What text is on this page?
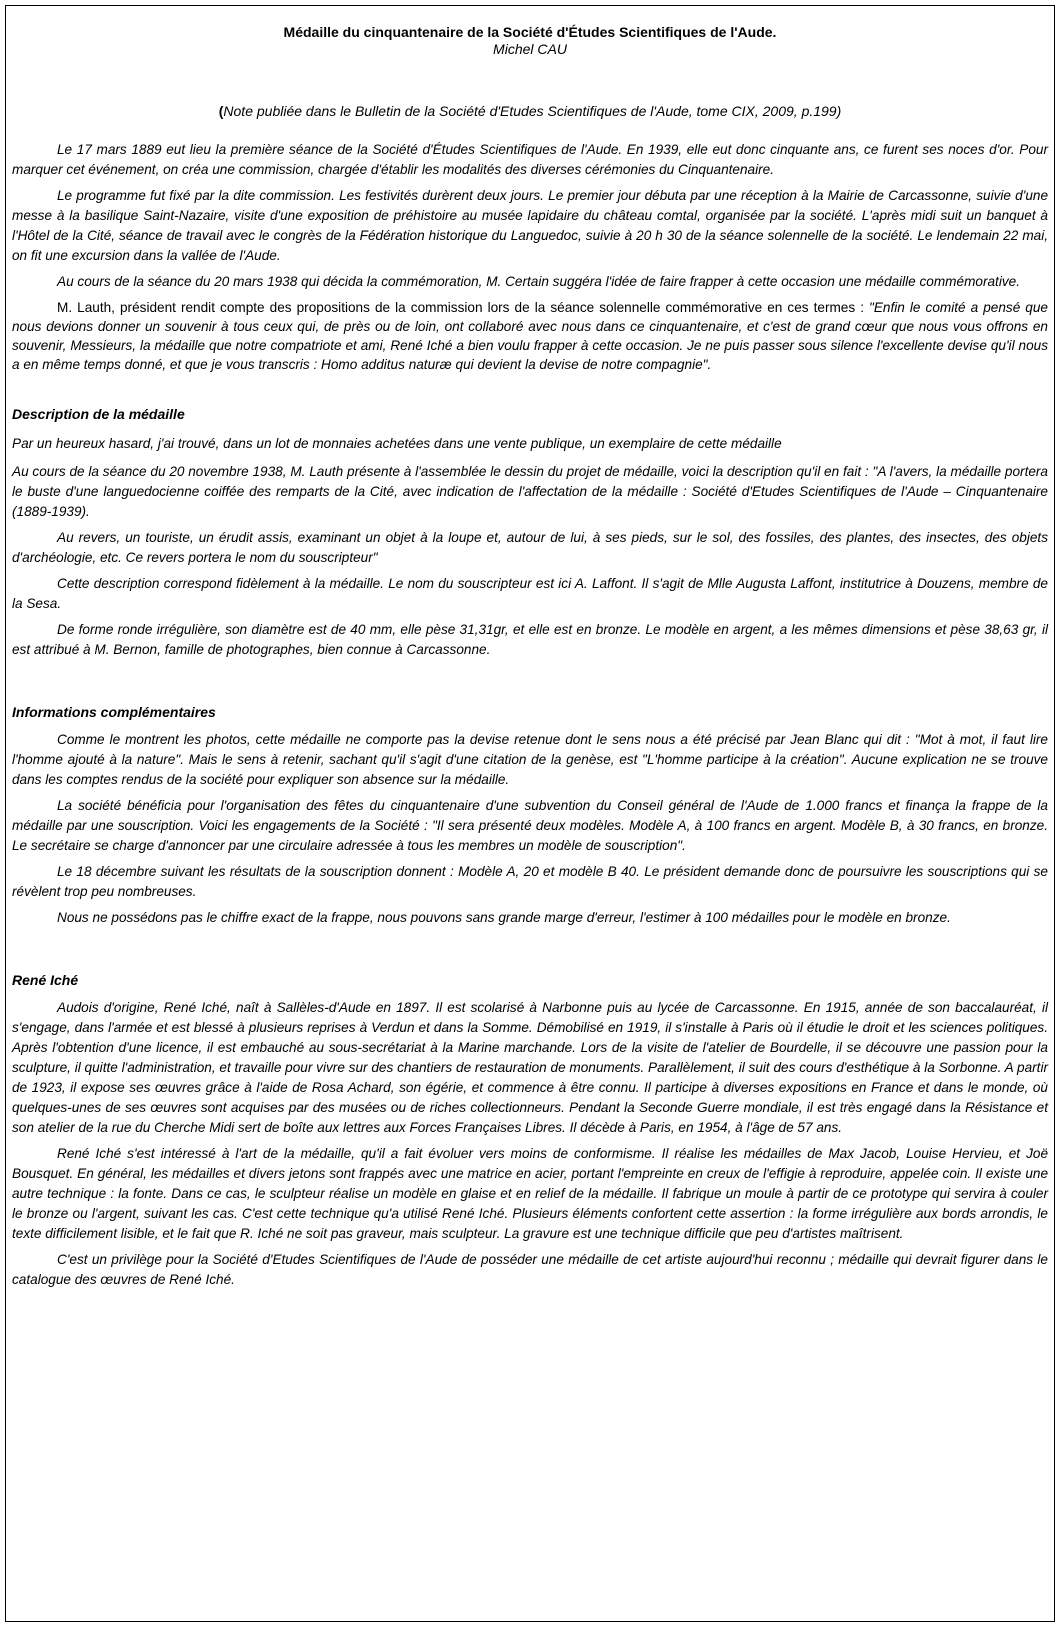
Médaille du cinquantenaire de la Société d'Études Scientifiques de l'Aude.
Michel CAU
(Note publiée dans le Bulletin de la Société d'Etudes Scientifiques de l'Aude, tome CIX, 2009, p.199)

Le 17 mars 1889 eut lieu la première séance de la Société d'Études Scientifiques de l'Aude. En 1939, elle eut donc cinquante ans, ce furent ses noces d'or. Pour marquer cet événement, on créa une commission, chargée d'établir les modalités des diverses cérémonies du Cinquantenaire.

Le programme fut fixé par la dite commission. Les festivités durèrent deux jours. Le premier jour débuta par une réception à la Mairie de Carcassonne, suivie d'une messe à la basilique Saint-Nazaire, visite d'une exposition de préhistoire au musée lapidaire du château comtal, organisée par la société. L'après midi suit un banquet à l'Hôtel de la Cité, séance de travail avec le congrès de la Fédération historique du Languedoc, suivie à 20 h 30 de la séance solennelle de la société. Le lendemain 22 mai, on fit une excursion dans la vallée de l'Aude.

Au cours de la séance du 20 mars 1938 qui décida la commémoration, M. Certain suggéra l'idée de faire frapper à cette occasion une médaille commémorative.

M. Lauth, président rendit compte des propositions de la commission lors de la séance solennelle commémorative en ces termes : "Enfin le comité a pensé que nous devions donner un souvenir à tous ceux qui, de près ou de loin, ont collaboré avec nous dans ce cinquantenaire, et c'est de grand cœur que nous vous offrons en souvenir, Messieurs, la médaille que notre compatriote et ami, René Iché a bien voulu frapper à cette occasion. Je ne puis passer sous silence l'excellente devise qu'il nous a en même temps donné, et que je vous transcris : Homo additus naturæ qui devient la devise de notre compagnie".

Description de la médaille

Par un heureux hasard, j'ai trouvé, dans un lot de monnaies achetées dans une vente publique, un exemplaire de cette médaille

Au cours de la séance du 20 novembre 1938, M. Lauth présente à l'assemblée le dessin du projet de médaille, voici la description qu'il en fait : "A l'avers, la médaille portera le buste d'une languedocienne coiffée des remparts de la Cité, avec indication de l'affectation de la médaille : Société d'Etudes Scientifiques de l'Aude – Cinquantenaire (1889-1939).

Au revers, un touriste, un érudit assis, examinant un objet à la loupe et, autour de lui, à ses pieds, sur le sol, des fossiles, des plantes, des insectes, des objets d'archéologie, etc. Ce revers portera le nom du souscripteur"

Cette description correspond fidèlement à la médaille. Le nom du souscripteur est ici A. Laffont. Il s'agit de Mlle Augusta Laffont, institutrice à Douzens, membre de la Sesa.

De forme ronde irrégulière, son diamètre est de 40 mm, elle pèse 31,31gr, et elle est en bronze. Le modèle en argent, a les mêmes dimensions et pèse 38,63 gr, il est attribué à M. Bernon, famille de photographes, bien connue à Carcassonne.

Informations complémentaires

Comme le montrent les photos, cette médaille ne comporte pas la devise retenue dont le sens nous a été précisé par Jean Blanc qui dit : "Mot à mot, il faut lire l'homme ajouté à la nature". Mais le sens à retenir, sachant qu'il s'agit d'une citation de la genèse, est "L'homme participe à la création". Aucune explication ne se trouve dans les comptes rendus de la société pour expliquer son absence sur la médaille.

La société bénéficia pour l'organisation des fêtes du cinquantenaire d'une subvention du Conseil général de l'Aude de 1.000 francs et finança la frappe de la médaille par une souscription. Voici les engagements de la Société : "Il sera présenté deux modèles. Modèle A, à 100 francs en argent. Modèle B, à 30 francs, en bronze. Le secrétaire se charge d'annoncer par une circulaire adressée à tous les membres un modèle de souscription".

Le 18 décembre suivant les résultats de la souscription donnent : Modèle A, 20 et modèle B 40. Le président demande donc de poursuivre les souscriptions qui se révèlent trop peu nombreuses.

Nous ne possédons pas le chiffre exact de la frappe, nous pouvons sans grande marge d'erreur, l'estimer à 100 médailles pour le modèle en bronze.

René Iché

Audois d'origine, René Iché, naît à Sallèles-d'Aude en 1897. Il est scolarisé à Narbonne puis au lycée de Carcassonne. En 1915, année de son baccalauréat, il s'engage, dans l'armée et est blessé à plusieurs reprises à Verdun et dans la Somme. Démobilisé en 1919, il s'installe à Paris où il étudie le droit et les sciences politiques. Après l'obtention d'une licence, il est embauché au sous-secrétariat à la Marine marchande. Lors de la visite de l'atelier de Bourdelle, il se découvre une passion pour la sculpture, il quitte l'administration, et travaille pour vivre sur des chantiers de restauration de monuments. Parallèlement, il suit des cours d'esthétique à la Sorbonne. A partir de 1923, il expose ses œuvres grâce à l'aide de Rosa Achard, son égérie, et commence à être connu. Il participe à diverses expositions en France et dans le monde, où quelques-unes de ses œuvres sont acquises par des musées ou de riches collectionneurs. Pendant la Seconde Guerre mondiale, il est très engagé dans la Résistance et son atelier de la rue du Cherche Midi sert de boîte aux lettres aux Forces Françaises Libres. Il décède à Paris, en 1954, à l'âge de 57 ans.

René Iché s'est intéressé à l'art de la médaille, qu'il a fait évoluer vers moins de conformisme. Il réalise les médailles de Max Jacob, Louise Hervieu, et Joë Bousquet. En général, les médailles et divers jetons sont frappés avec une matrice en acier, portant l'empreinte en creux de l'effigie à reproduire, appelée coin. Il existe une autre technique : la fonte. Dans ce cas, le sculpteur réalise un modèle en glaise et en relief de la médaille. Il fabrique un moule à partir de ce prototype qui servira à couler le bronze ou l'argent, suivant les cas. C'est cette technique qu'a utilisé René Iché. Plusieurs éléments confortent cette assertion : la forme irrégulière aux bords arrondis, le texte difficilement lisible, et le fait que R. Iché ne soit pas graveur, mais sculpteur. La gravure est une technique difficile que peu d'artistes maîtrisent.

C'est un privilège pour la Société d'Etudes Scientifiques de l'Aude de posséder une médaille de cet artiste aujourd'hui reconnu ; médaille qui devrait figurer dans le catalogue des œuvres de René Iché.
